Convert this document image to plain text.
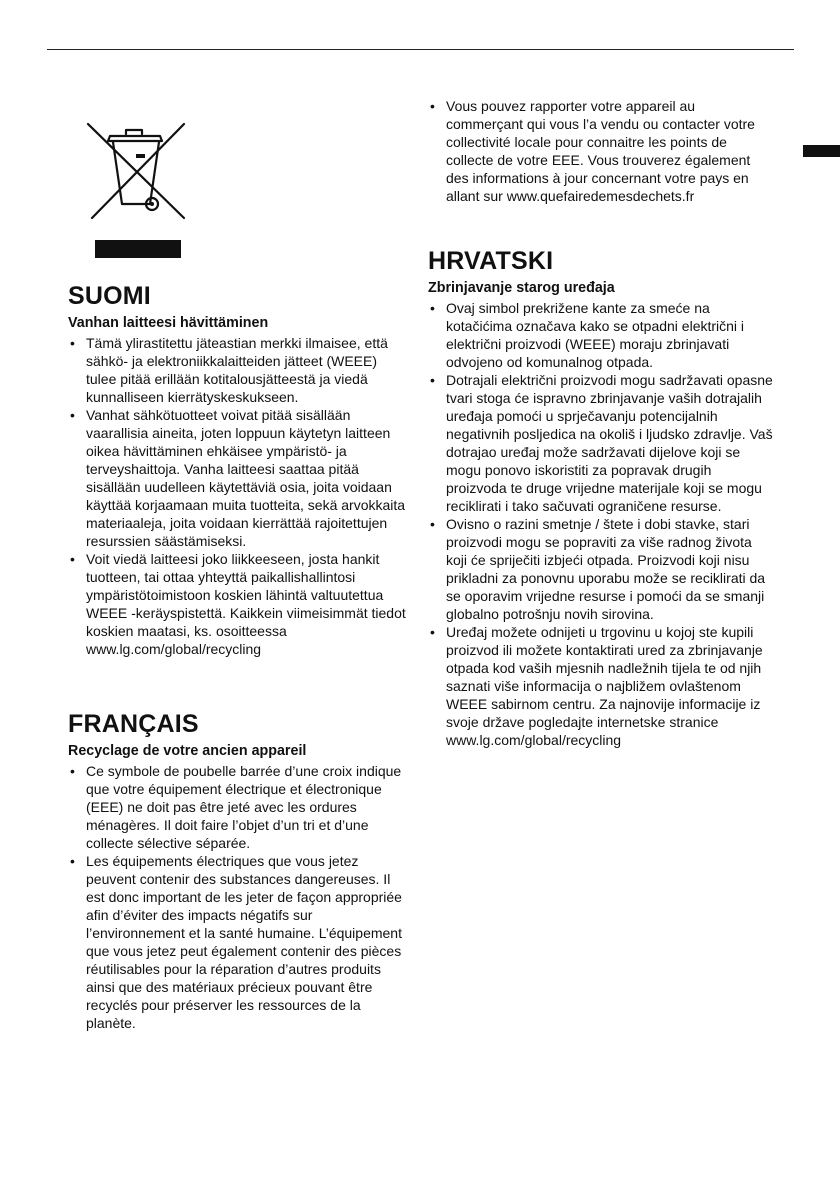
SUOMI
Vanhan laitteesi hävittäminen
• Tämä ylirastitettu jäteastian merkki ilmaisee, että sähkö- ja elektroniikkalaitteiden jätteet (WEEE) tulee pitää erillään kotitalousjätteestä ja viedä kunnalliseen kierrätyskeskukseen.
• Vanhat sähkötuotteet voivat pitää sisällään vaarallisia aineita, joten loppuun käytetyn laitteen oikea hävittäminen ehkäisee ympäristö- ja terveyshaittoja. Vanha laitteesi saattaa pitää sisällään uudelleen käytettäviä osia, joita voidaan käyttää korjaamaan muita tuotteita, sekä arvokkaita materiaaleja, joita voidaan kierrättää rajoitettujen resurssien säästämiseksi.
• Voit viedä laitteesi joko liikkeeseen, josta hankit tuotteen, tai ottaa yhteyttä paikallishallintosi ympäristötoimistoon koskien lähintä valtuutettua WEEE -keräyspistettä. Kaikkein viimeisimmät tiedot koskien maatasi, ks. osoitteessa www.lg.com/global/recycling
FRANÇAIS
Recyclage de votre ancien appareil
• Ce symbole de poubelle barrée d’une croix indique que votre équipement électrique et électronique (EEE) ne doit pas être jeté avec les ordures ménagères. Il doit faire l’objet d’un tri et d’une collecte sélective séparée.
• Les équipements électriques que vous jetez peuvent contenir des substances dangereuses. Il est donc important de les jeter de façon appropriée afin d’éviter des impacts négatifs sur l’environnement et la santé humaine. L’équipement que vous jetez peut également contenir des pièces réutilisables pour la réparation d’autres produits ainsi que des matériaux précieux pouvant être recyclés pour préserver les ressources de la planète.
• Vous pouvez rapporter votre appareil au commerçant qui vous l’a vendu ou contacter votre collectivité locale pour connaitre les points de collecte de votre EEE. Vous trouverez également des informations à jour concernant votre pays en allant sur www.quefairedemesdechets.fr
HRVATSKI
Zbrinjavanje starog uređaja
• Ovaj simbol prekrižene kante za smeće na kotačićima označava kako se otpadni električni i električni proizvodi (WEEE) moraju zbrinjavati odvojeno od komunalnog otpada.
• Dotrajali električni proizvodi mogu sadržavati opasne tvari stoga će ispravno zbrinjavanje vaših dotrajalih uređaja pomoći u sprječavanju potencijalnih negativnih posljedica na okoliš i ljudsko zdravlje. Vaš dotrajao uređaj može sadržavati dijelove koji se mogu ponovo iskoristiti za popravak drugih proizvoda te druge vrijedne materijale koji se mogu reciklirati i tako sačuvati ograničene resurse.
• Ovisno o razini smetnje / štete i dobi stavke, stari proizvodi mogu se popraviti za više radnog života koji će spriječiti izbjeći otpada. Proizvodi koji nisu prikladni za ponovnu uporabu može se reciklirati da se oporavim vrijedne resurse i pomoći da se smanji globalno potrošnju novih sirovina.
• Uređaj možete odnijeti u trgovinu u kojoj ste kupili proizvod ili možete kontaktirati ured za zbrinjavanje otpada kod vaših mjesnih nadležnih tijela te od njih saznati više informacija o najbližem ovlaštenom WEEE sabirnom centru. Za najnovije informacije iz svoje države pogledajte internetske stranice www.lg.com/global/recycling
